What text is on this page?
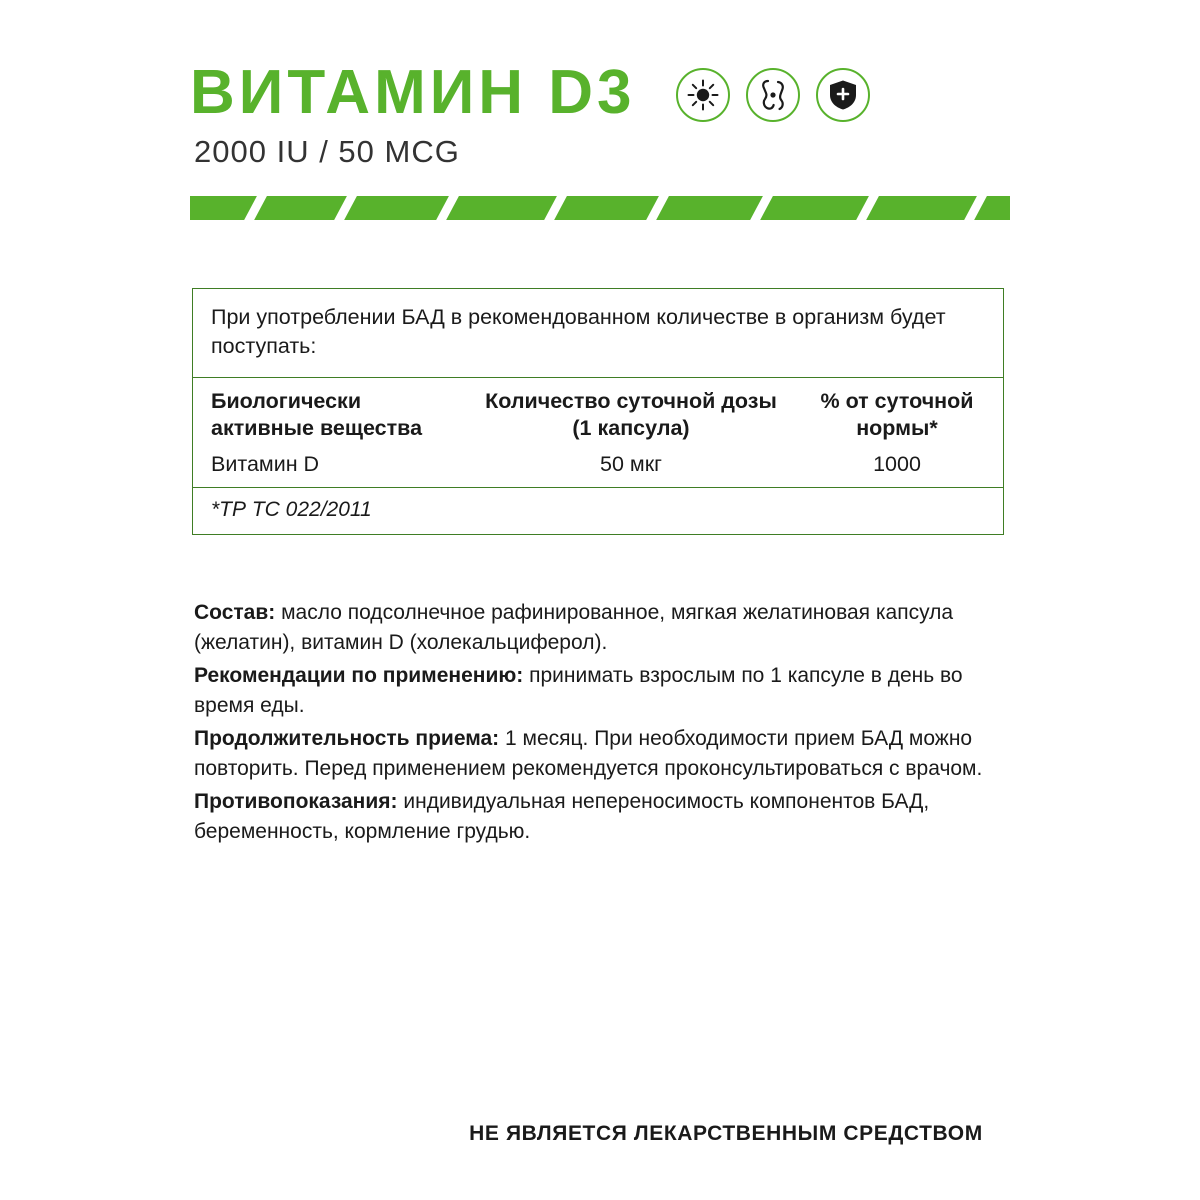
ВИТАМИН D3
2000 IU / 50 MCG
При употреблении БАД в рекомендованном количестве в организм будет поступать:
Биологически активные вещества
Количество суточной дозы (1 капсула)
% от суточной нормы*
Витамин D	50 мкг	1000
*ТР ТС 022/2011

Состав: масло подсолнечное рафинированное, мягкая желатиновая капсула (желатин), витамин D (холекальциферол).

Рекомендации по применению: принимать взрослым по 1 капсуле в день во время еды.

Продолжительность приема: 1 месяц. При необходимости прием БАД можно повторить. Перед применением рекомендуется проконсультироваться с врачом.

Противопоказания: индивидуальная непереносимость компонентов БАД, беременность, кормление грудью.

НЕ ЯВЛЯЕТСЯ ЛЕКАРСТВЕННЫМ СРЕДСТВОМ
